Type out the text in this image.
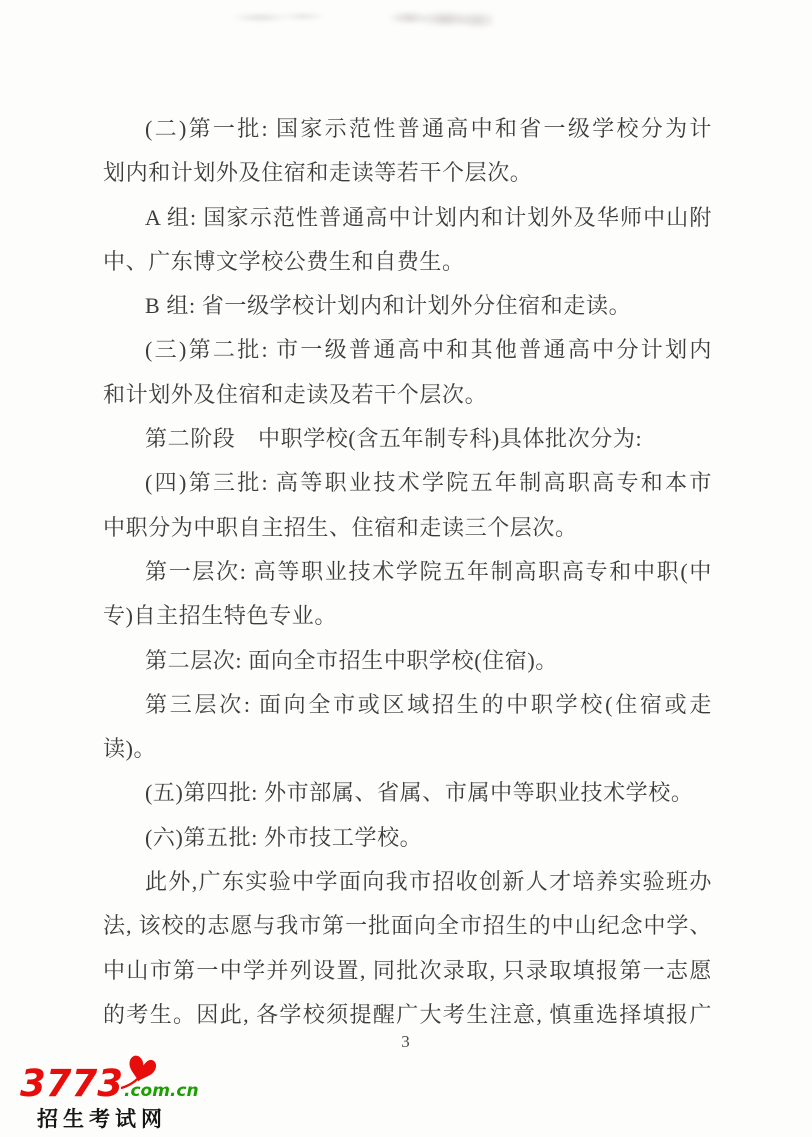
(二)第一批: 国家示范性普通高中和省一级学校分为计
划内和计划外及住宿和走读等若干个层次。
A 组: 国家示范性普通高中计划内和计划外及华师中山附
中、广东博文学校公费生和自费生。
B 组: 省一级学校计划内和计划外分住宿和走读。
(三)第二批: 市一级普通高中和其他普通高中分计划内
和计划外及住宿和走读及若干个层次。
第二阶段　中职学校(含五年制专科)具体批次分为:
(四)第三批: 高等职业技术学院五年制高职高专和本市
中职分为中职自主招生、住宿和走读三个层次。
第一层次: 高等职业技术学院五年制高职高专和中职(中
专)自主招生特色专业。
第二层次: 面向全市招生中职学校(住宿)。
第三层次: 面向全市或区域招生的中职学校(住宿或走
读)。
(五)第四批: 外市部属、省属、市属中等职业技术学校。
(六)第五批: 外市技工学校。
此外,广东实验中学面向我市招收创新人才培养实验班办
法, 该校的志愿与我市第一批面向全市招生的中山纪念中学、
中山市第一中学并列设置, 同批次录取, 只录取填报第一志愿
的考生。因此, 各学校须提醒广大考生注意, 慎重选择填报广
3
3773 .com.cn
招生考试网
